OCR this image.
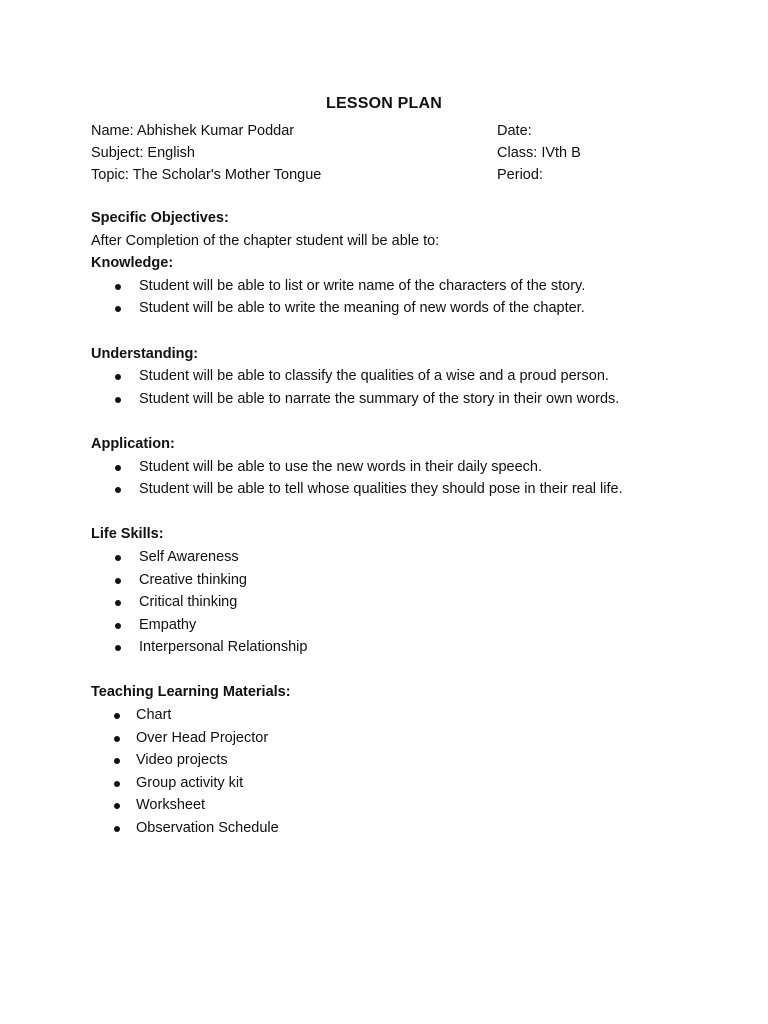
LESSON PLAN
Name: Abhishek Kumar Poddar	Date:
Subject: English	Class: IVth B
Topic: The Scholar's Mother Tongue	Period:

Specific Objectives:

After Completion of the chapter student will be able to:

Knowledge:

Student will be able to list or write name of the characters of the story.
Student will be able to write the meaning of new words of the chapter.

Understanding:

Student will be able to classify the qualities of a wise and a proud person.
Student will be able to narrate the summary of the story in their own words.

Application:

Student will be able to use the new words in their daily speech.
Student will be able to tell whose qualities they should pose in their real life.

Life Skills:

Self Awareness
Creative thinking
Critical thinking
Empathy
Interpersonal Relationship

Teaching Learning Materials:

Chart
Over Head Projector
Video projects
Group activity kit
Worksheet
Observation Schedule
